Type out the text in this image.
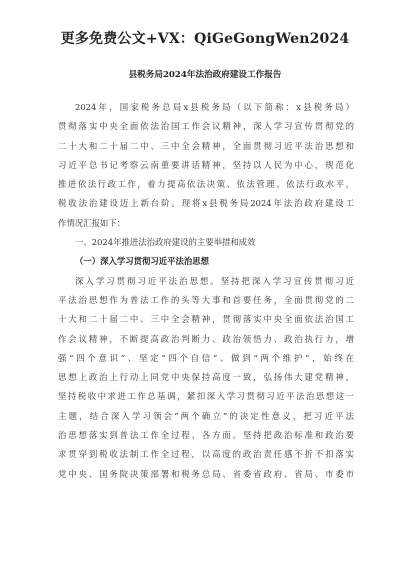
更多免费公文+VX：QiGeGongWen2024
县税务局2024年法治政府建设工作报告
2024年，国家税务总局x县税务局（以下简称：x县税务局）
贯彻落实中央全面依法治国工作会议精神，深入学习宣传贯彻党的
二十大和二十届二中、三中全会精神，全面贯彻习近平法治思想和
习近平总书记考察云南重要讲话精神，坚持以人民为中心，规范化
推进依法行政工作，着力提高依法决策、依法管理、依法行政水平，
税收法治建设迈上新台阶。现将x县税务局2024年法治政府建设工
作情况汇报如下：
一、2024年推进法治政府建设的主要举措和成效
（一）深入学习贯彻习近平法治思想
深入学习贯彻习近平法治思想。坚持把深入学习宣传贯彻习近
平法治思想作为普法工作的头等大事和首要任务，全面贯彻党的二
十大和二十届二中、三中全会精神，贯彻落实中央全面依法治国工
作会议精神，不断提高政治判断力、政治领悟力、政治执行力，增
强“四个意识”、坚定“四个自信”、做到“两个维护”，始终在
思想上政治上行动上同党中央保持高度一致，弘扬伟大建党精神，
坚持税收中求进工作总基调，紧扣深入学习贯彻习近平法治思想这一
主题，结合深入学习领会“两个确立”的决定性意义，把习近平法
治思想落实到普法工作全过程、各方面。坚持把政治标准和政治要
求贯穿到税收法制工作全过程，以高度的政治责任感不折不扣落实
党中央、国务院决策部署和税务总局、省委省政府、省局、市委市
